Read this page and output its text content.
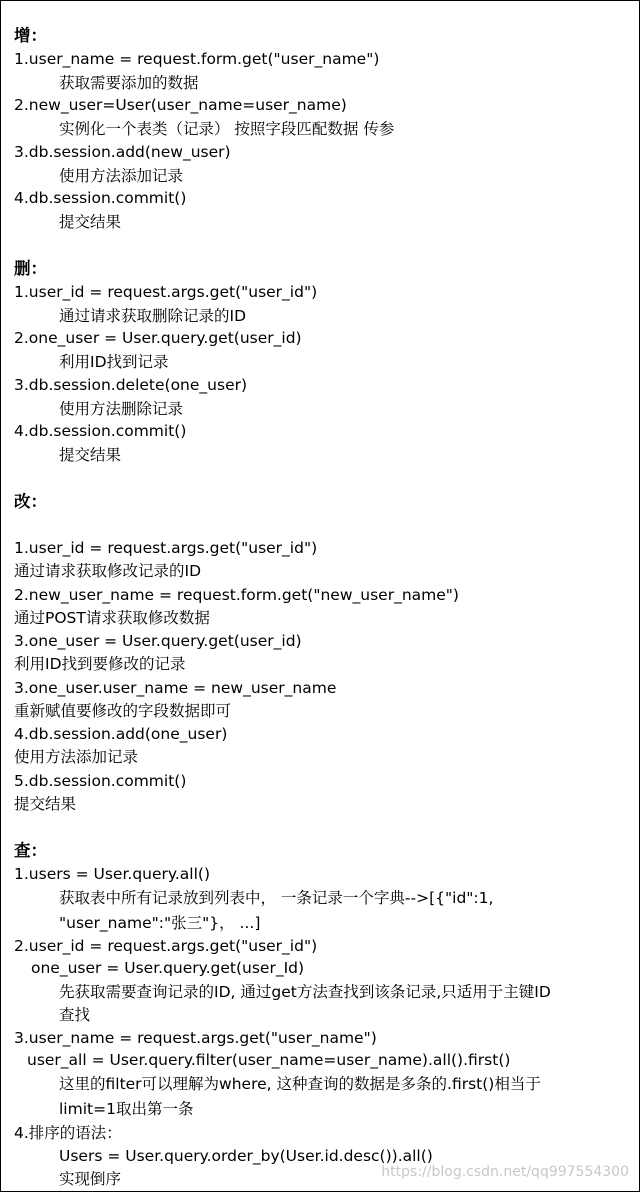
增：
1.user_name = request.form.get("user_name")
获取需要添加的数据
2.new_user=User(user_name=user_name)
实例化一个表类（记录） 按照字段匹配数据 传参
3.db.session.add(new_user)
使用方法添加记录
4.db.session.commit()
提交结果
删：
1.user_id = request.args.get("user_id")
通过请求获取删除记录的ID
2.one_user = User.query.get(user_id)
利用ID找到记录
3.db.session.delete(one_user)
使用方法删除记录
4.db.session.commit()
提交结果
改：
1.user_id = request.args.get("user_id")
通过请求获取修改记录的ID
2.new_user_name = request.form.get("new_user_name")
通过POST请求获取修改数据
3.one_user = User.query.get(user_id)
利用ID找到要修改的记录
3.one_user.user_name = new_user_name
重新赋值要修改的字段数据即可
4.db.session.add(one_user)
使用方法添加记录
5.db.session.commit()
提交结果
查：
1.users = User.query.all()
获取表中所有记录放到列表中， 一条记录一个字典-->[{"id":1,
"user_name":"张三"}， ...]
2.user_id = request.args.get("user_id")
one_user = User.query.get(user_Id)
先获取需要查询记录的ID, 通过get方法查找到该条记录,只适用于主键ID
查找
3.user_name = request.args.get("user_name")
user_all = User.query.filter(user_name=user_name).all().first()
这里的filter可以理解为where, 这种查询的数据是多条的.first()相当于
limit=1取出第一条
4.排序的语法：
Users = User.query.order_by(User.id.desc()).all()
实现倒序	https://blog.csdn.net/qq997554300
